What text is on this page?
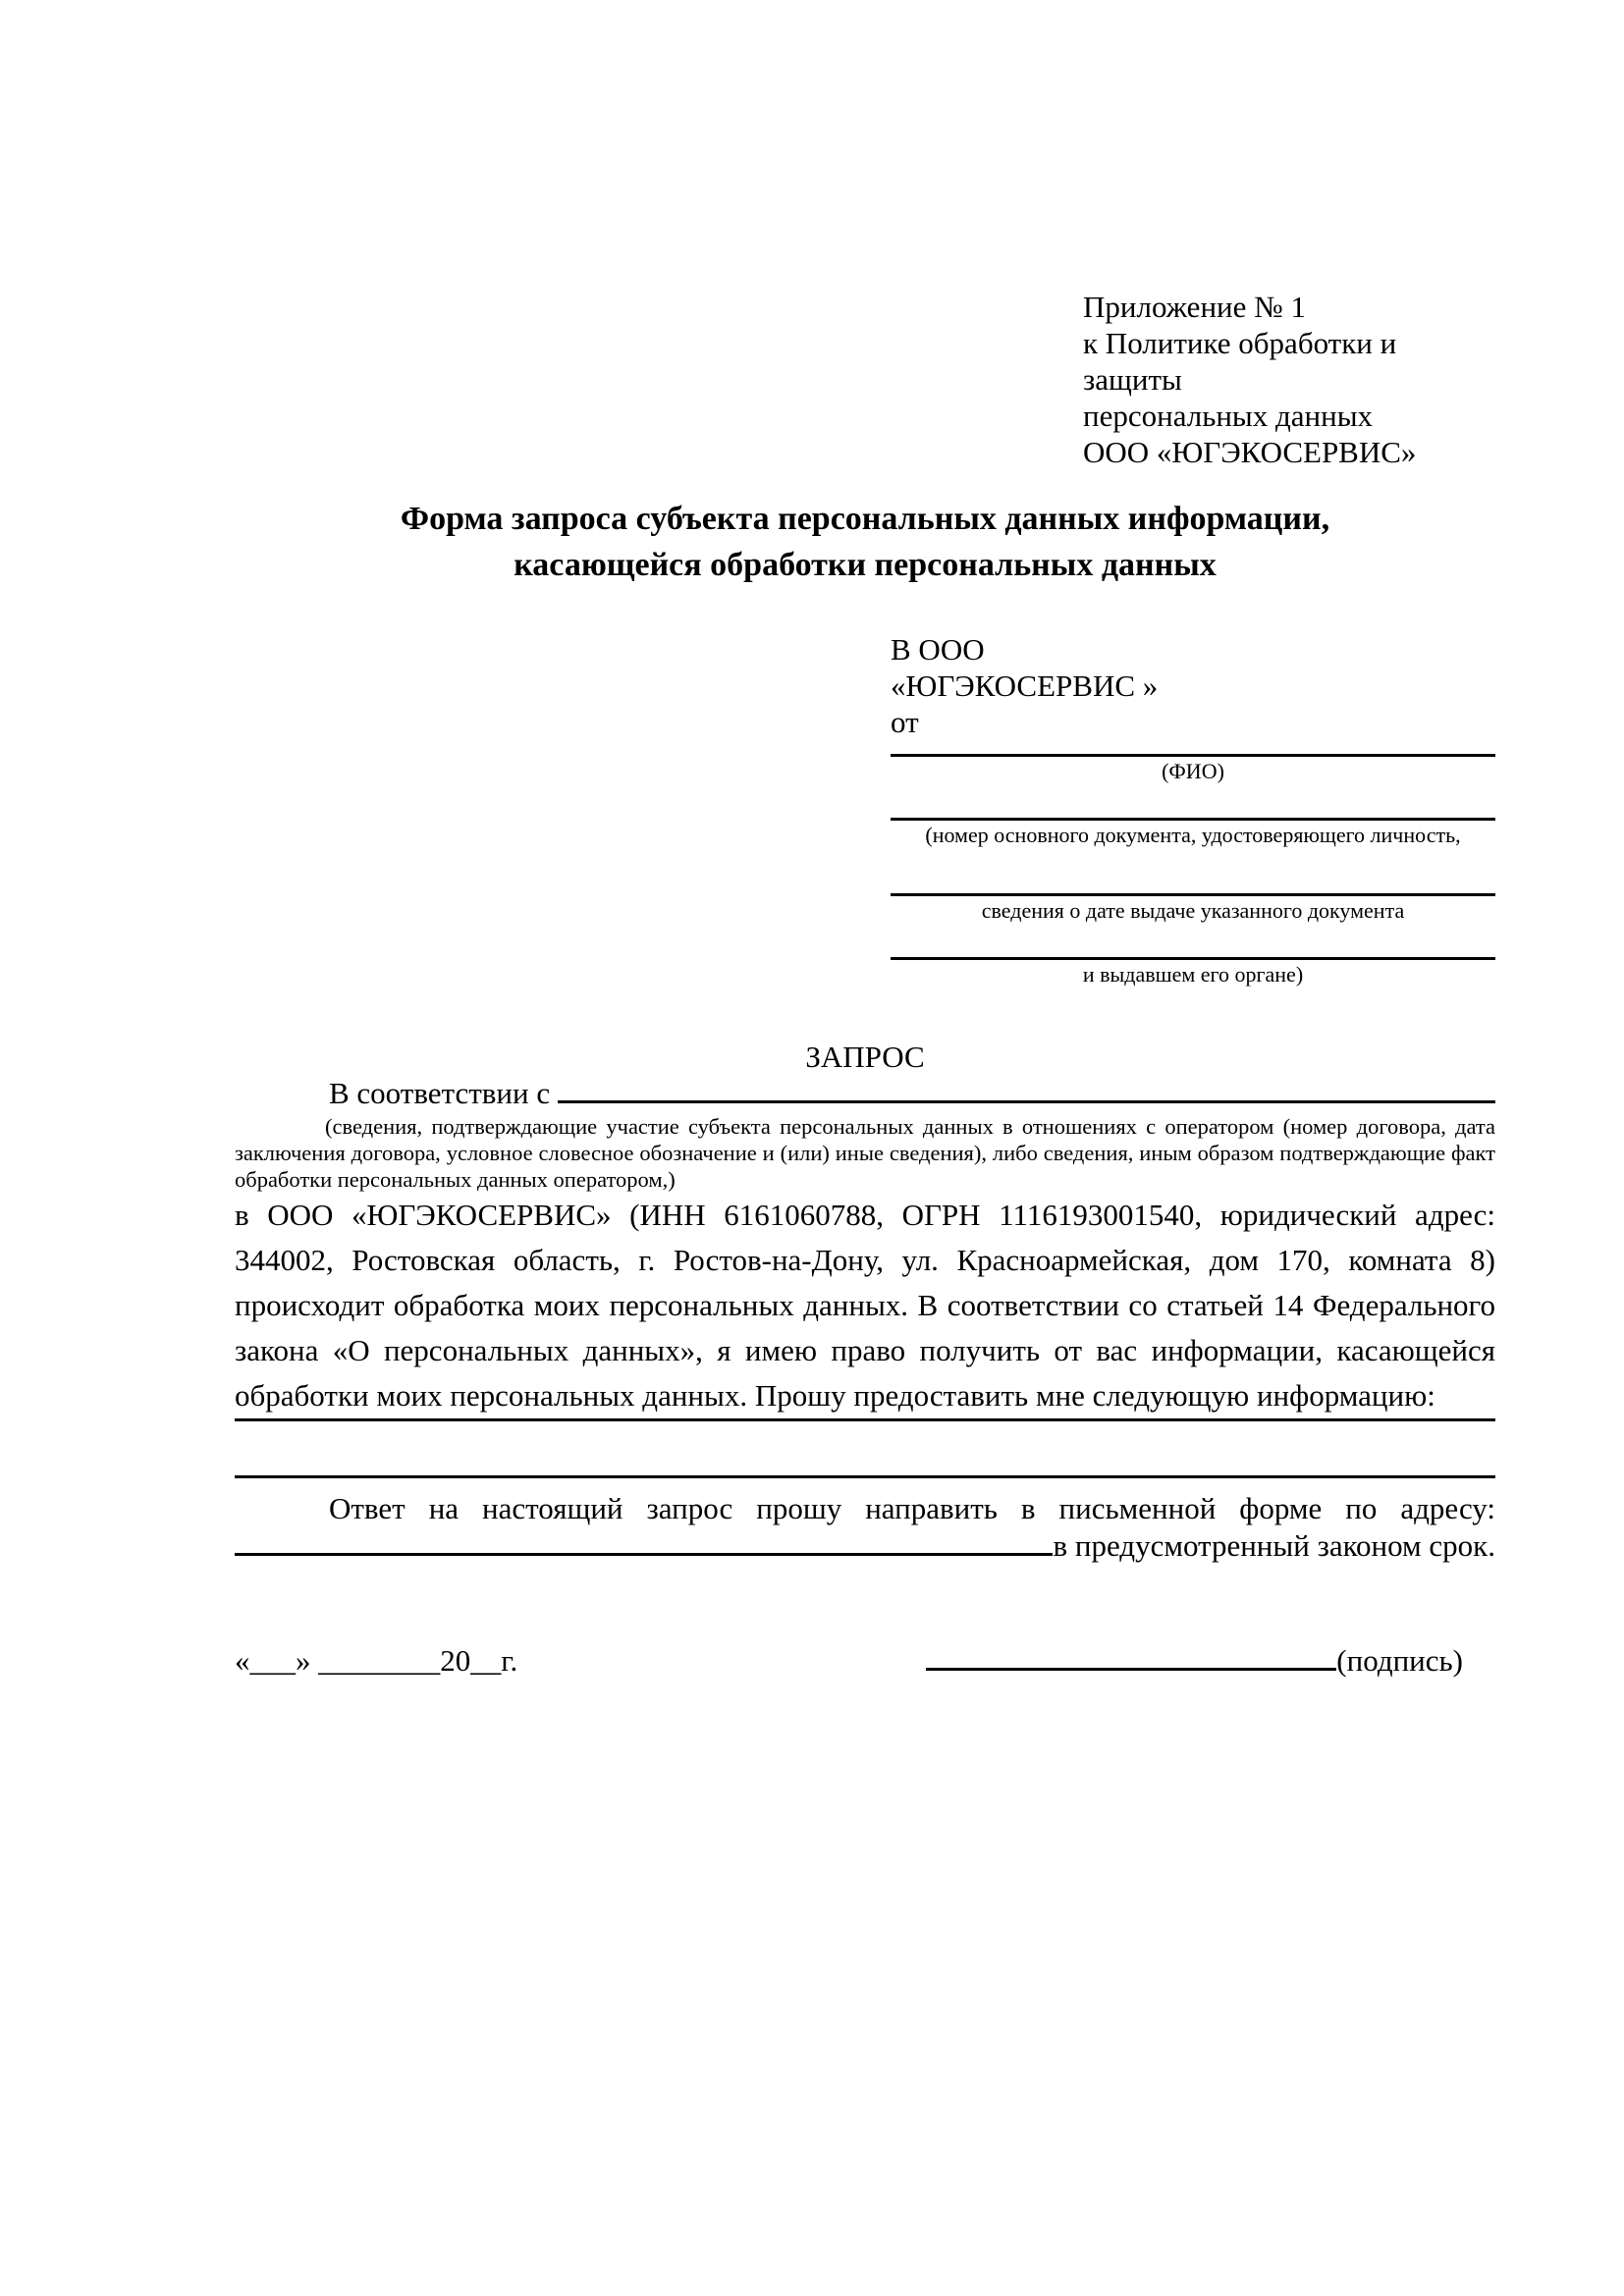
Приложение № 1
к Политике обработки и защиты
персональных данных
ООО «ЮГЭКОСЕРВИС»
Форма запроса субъекта персональных данных информации,
касающейся обработки персональных данных
В ООО
«ЮГЭКОСЕРВИС »
от
(ФИО)
(номер основного документа, удостоверяющего личность,
сведения о дате выдаче указанного документа
и выдавшем его органе)
ЗАПРОС

В соответствии с

(сведения, подтверждающие участие субъекта персональных данных в отношениях с оператором (номер договора, дата заключения договора, условное словесное обозначение и (или) иные сведения), либо сведения, иным образом подтверждающие факт обработки персональных данных оператором,)

в ООО «ЮГЭКОСЕРВИС» (ИНН 6161060788, ОГРН 1116193001540, юридический адрес: 344002, Ростовская область, г. Ростов-на-Дону, ул. Красноармейская, дом 170, комната 8) происходит обработка моих персональных данных. В соответствии со статьей 14 Федерального закона «О персональных данных», я имею право получить от вас информации, касающейся обработки моих персональных данных. Прошу предоставить мне следующую информацию:

Ответ на настоящий запрос прошу направить в письменной форме по адресу:
в предусмотренный законом срок.
«___» ________20__г.	(подпись)
